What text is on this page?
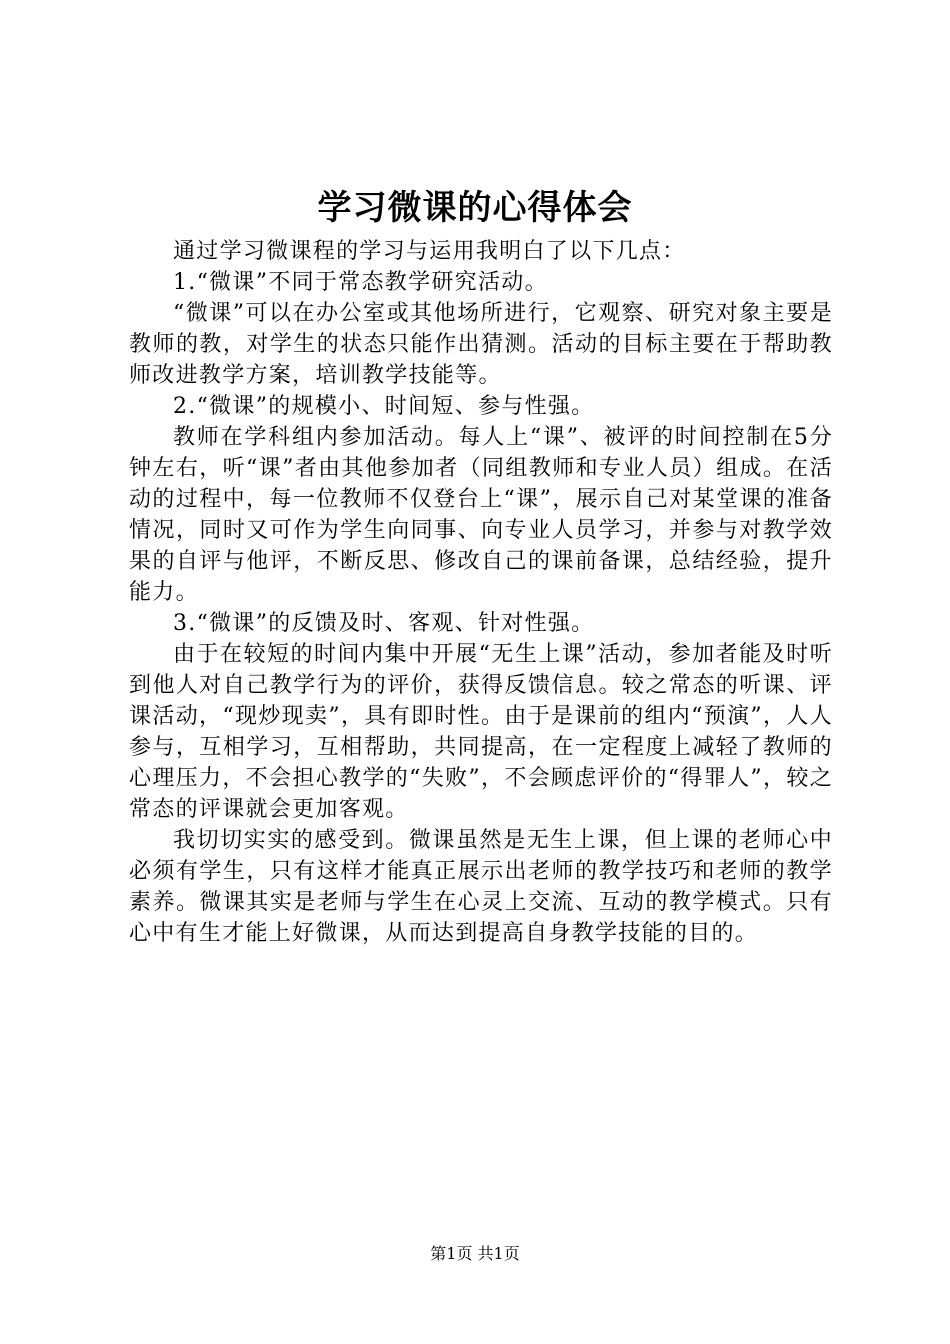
学习微课的心得体会

通过学习微课程的学习与运用我明白了以下几点：

1.“微课”不同于常态教学研究活动。

“微课”可以在办公室或其他场所进行，它观察、研究对象主要是教师的教，对学生的状态只能作出猜测。活动的目标主要在于帮助教师改进教学方案，培训教学技能等。

2.“微课”的规模小、时间短、参与性强。

教师在学科组内参加活动。每人上“课”、被评的时间控制在5分钟左右，听“课”者由其他参加者（同组教师和专业人员）组成。在活动的过程中，每一位教师不仅登台上“课”，展示自己对某堂课的准备情况，同时又可作为学生向同事、向专业人员学习，并参与对教学效果的自评与他评，不断反思、修改自己的课前备课，总结经验，提升能力。

3.“微课”的反馈及时、客观、针对性强。

由于在较短的时间内集中开展“无生上课”活动，参加者能及时听到他人对自己教学行为的评价，获得反馈信息。较之常态的听课、评课活动，“现炒现卖”，具有即时性。由于是课前的组内“预演”，人人参与，互相学习，互相帮助，共同提高，在一定程度上减轻了教师的心理压力，不会担心教学的“失败”，不会顾虑评价的“得罪人”，较之常态的评课就会更加客观。

我切切实实的感受到。微课虽然是无生上课，但上课的老师心中必须有学生，只有这样才能真正展示出老师的教学技巧和老师的教学素养。微课其实是老师与学生在心灵上交流、互动的教学模式。只有心中有生才能上好微课，从而达到提高自身教学技能的目的。

第1页 共1页
